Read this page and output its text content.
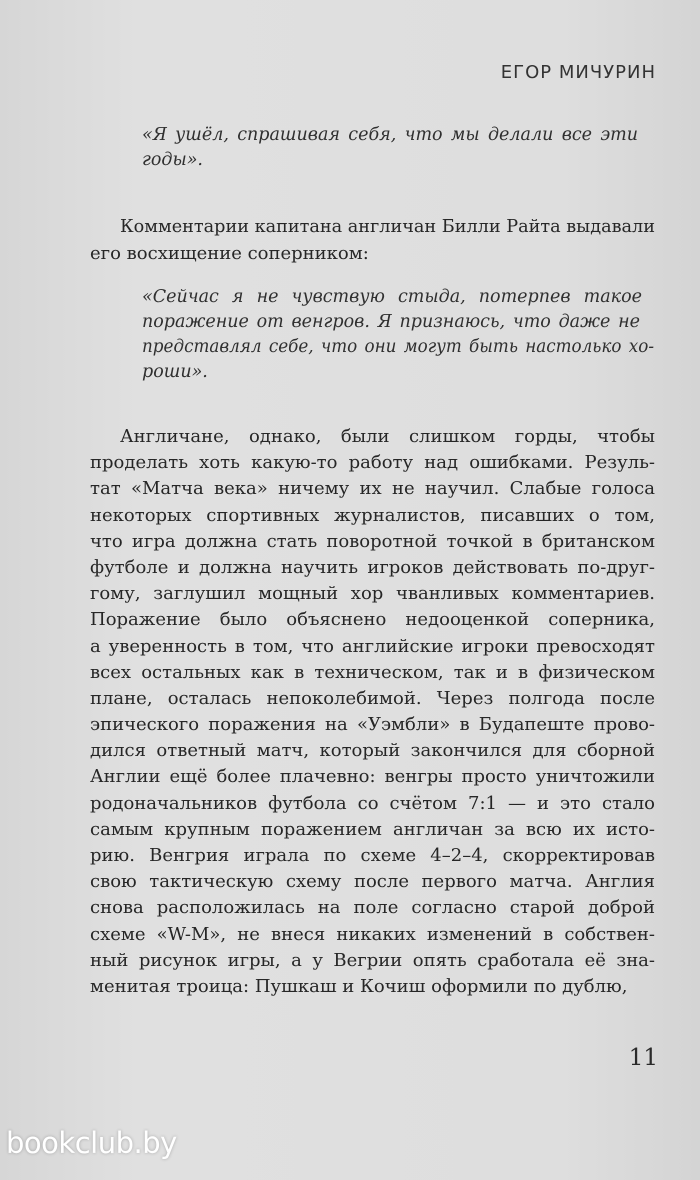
ЕГОР МИЧУРИН
«Я ушёл, спрашивая себя, что мы делали все эти
годы».
Комментарии капитана англичан Билли Райта выдавали
его восхищение соперником:
«Сейчас я не чувствую стыда, потерпев такое
поражение от венгров. Я признаюсь, что даже не
представлял себе, что они могут быть настолько хо-
роши».
Англичане, однако, были слишком горды, чтобы
проделать хоть какую-то работу над ошибками. Резуль-
тат «Матча века» ничему их не научил. Слабые голоса
некоторых спортивных журналистов, писавших о том,
что игра должна стать поворотной точкой в британском
футболе и должна научить игроков действовать по-друг-
гому, заглушил мощный хор чванливых комментариев.
Поражение было объяснено недооценкой соперника,
а уверенность в том, что английские игроки превосходят
всех остальных как в техническом, так и в физическом
плане, осталась непоколебимой. Через полгода после
эпического поражения на «Уэмбли» в Будапеште прово-
дился ответный матч, который закончился для сборной
Англии ещё более плачевно: венгры просто уничтожили
родоначальников футбола со счётом 7:1 — и это стало
самым крупным поражением англичан за всю их исто-
рию. Венгрия играла по схеме 4–2–4, скорректировав
свою тактическую схему после первого матча. Англия
снова расположилась на поле согласно старой доброй
схеме «W-M», не внеся никаких изменений в собствен-
ный рисунок игры, а у Вегрии опять сработала её зна-
менитая троица: Пушкаш и Кочиш оформили по дублю,
11
bookclub.by
